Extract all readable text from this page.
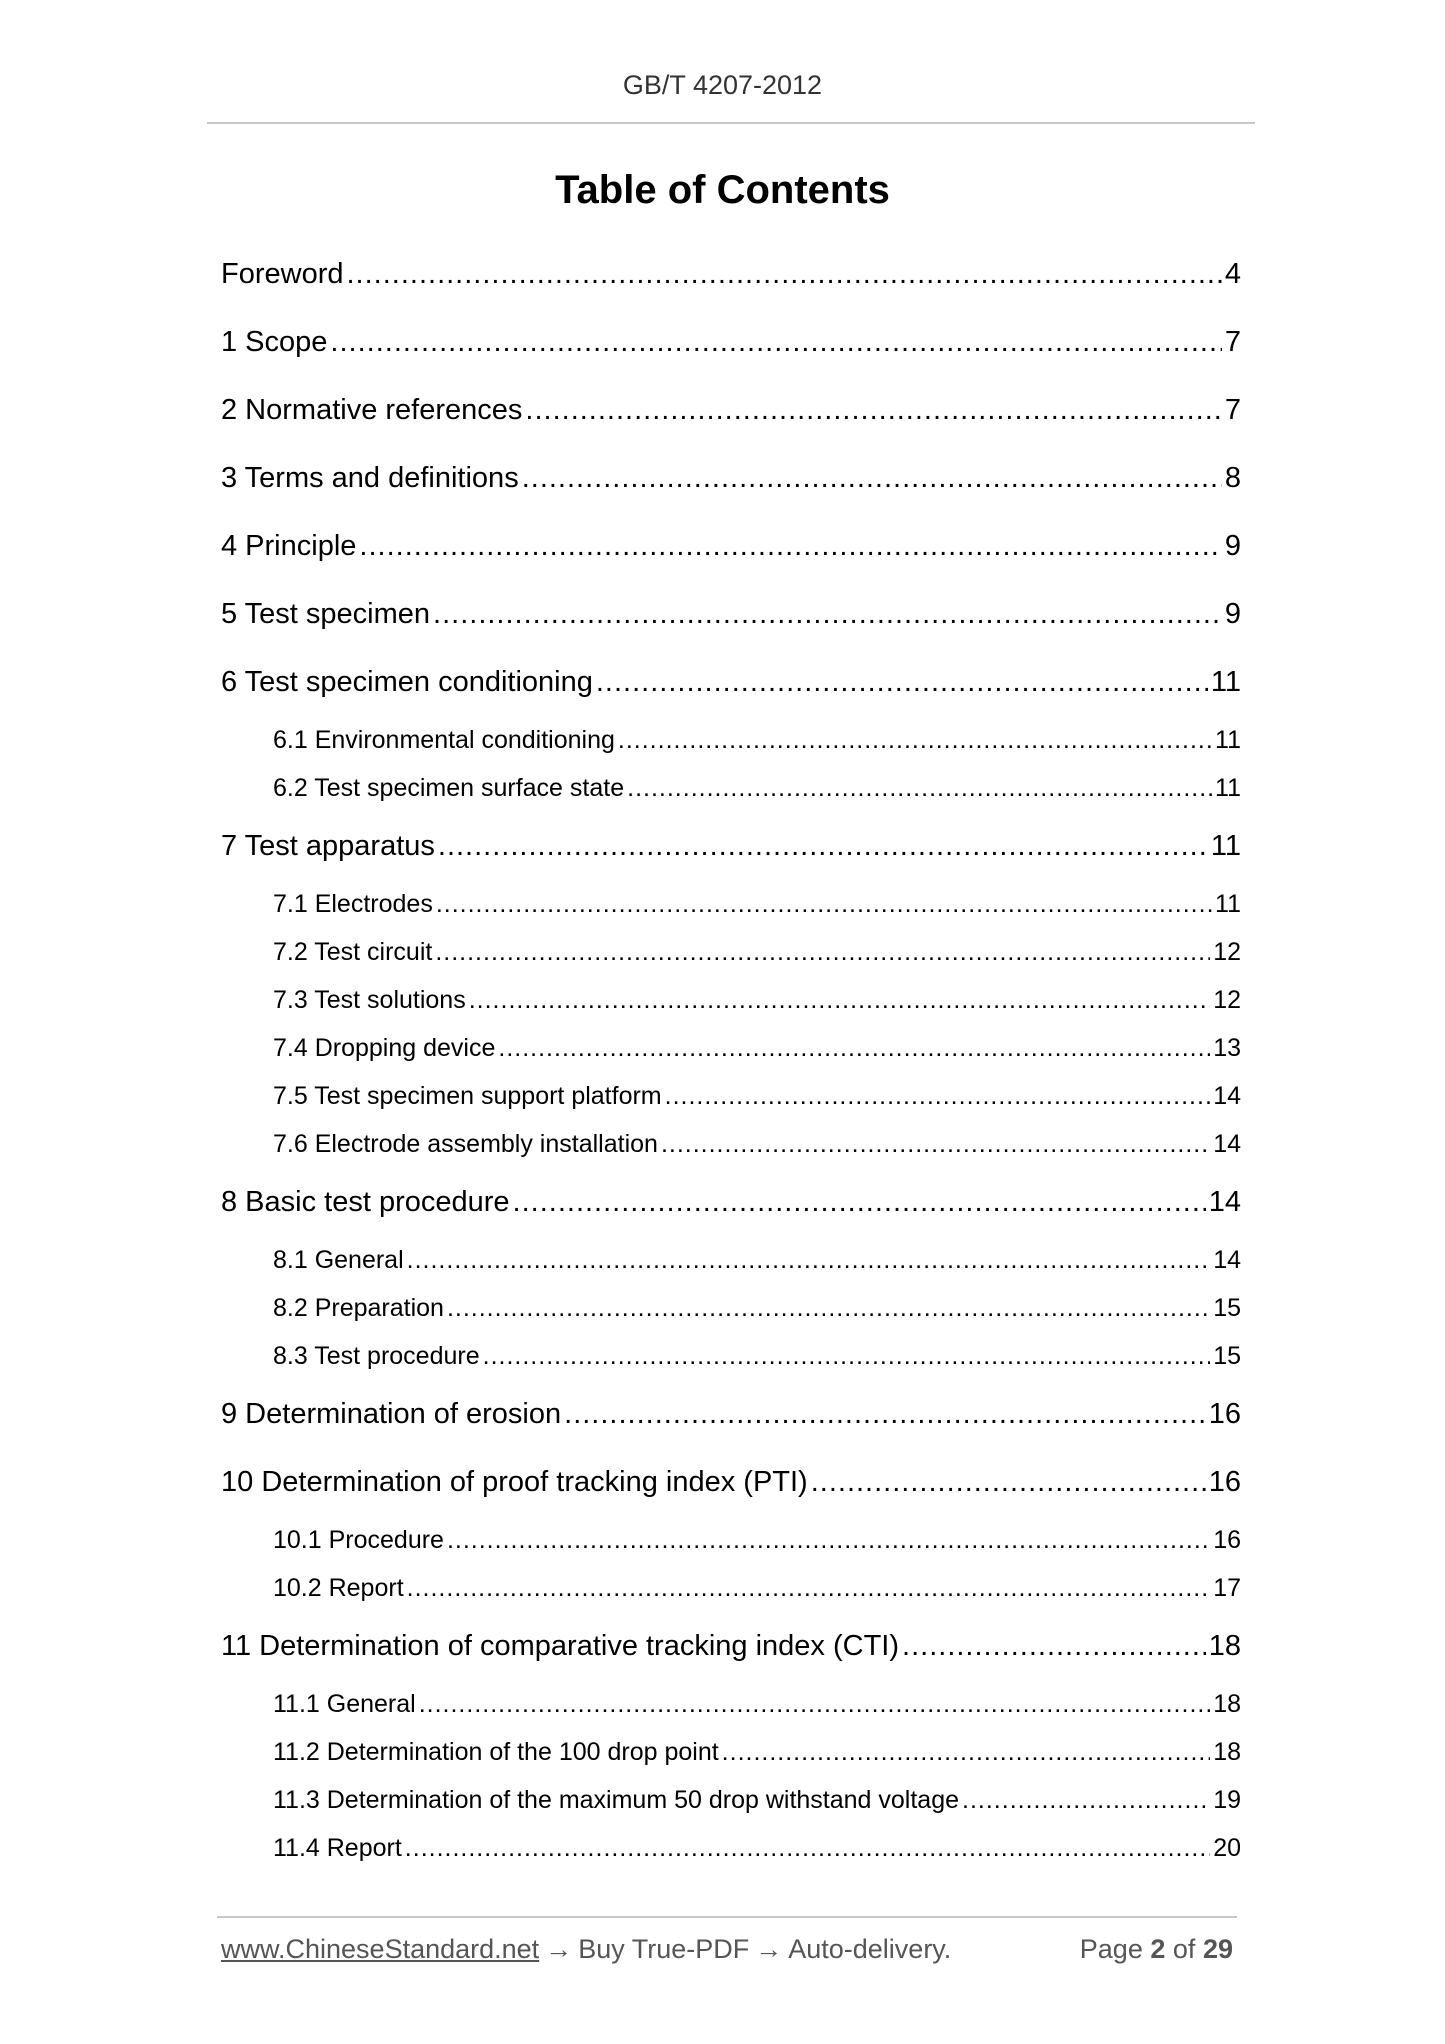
GB/T 4207-2012
Table of Contents
Foreword .....	4
1 Scope .....	7
2 Normative references .....	7
3 Terms and definitions .....	8
4 Principle .....	9
5 Test specimen .....	9
6 Test specimen conditioning .....	11
6.1 Environmental conditioning .....	11
6.2 Test specimen surface state .....	11
7 Test apparatus .....	11
7.1 Electrodes .....	11
7.2 Test circuit .....	12
7.3 Test solutions .....	12
7.4 Dropping device .....	13
7.5 Test specimen support platform .....	14
7.6 Electrode assembly installation .....	14
8 Basic test procedure .....	14
8.1 General .....	14
8.2 Preparation .....	15
8.3 Test procedure .....	15
9 Determination of erosion .....	16
10 Determination of proof tracking index (PTI) .....	16
10.1 Procedure .....	16
10.2 Report .....	17
11 Determination of comparative tracking index (CTI) .....	18
11.1 General .....	18
11.2 Determination of the 100 drop point .....	18
11.3 Determination of the maximum 50 drop withstand voltage .....	19
11.4 Report .....	20
www.ChineseStandard.net → Buy True-PDF → Auto-delivery.	Page 2 of 29
